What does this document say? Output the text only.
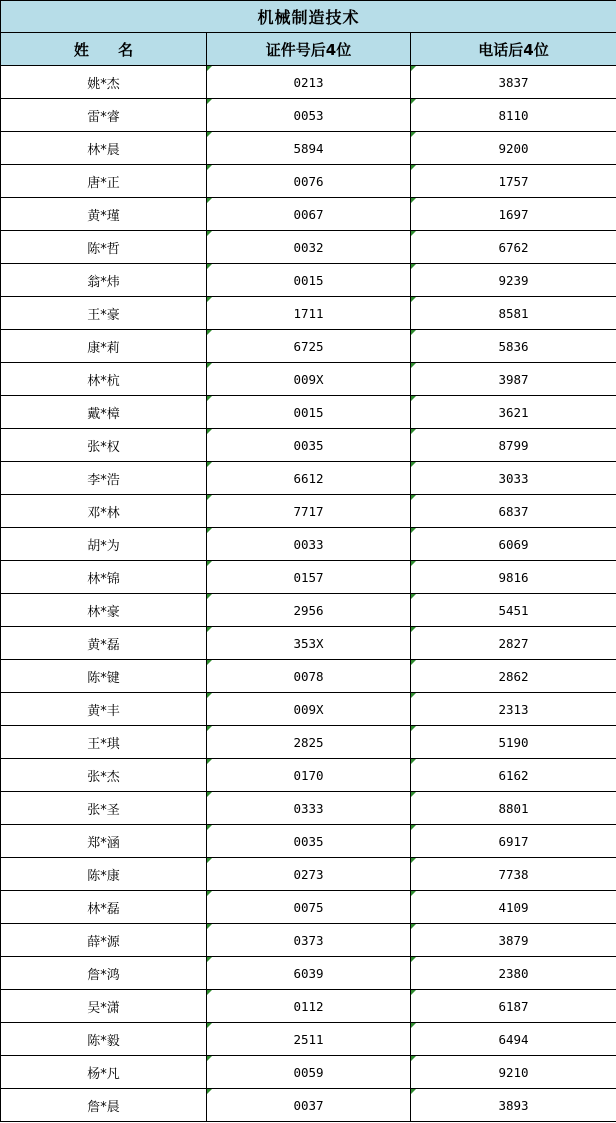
机械制造技术		
姓 名	证件号后4位	电话后4位
姚*杰	0213	3837
雷*睿	0053	8110
林*晨	5894	9200
唐*正	0076	1757
黄*瑾	0067	1697
陈*哲	0032	6762
翁*炜	0015	9239
王*豪	1711	8581
康*莉	6725	5836
林*杭	009X	3987
戴*樟	0015	3621
张*权	0035	8799
李*浩	6612	3033
邓*林	7717	6837
胡*为	0033	6069
林*锦	0157	9816
林*豪	2956	5451
黄*磊	353X	2827
陈*键	0078	2862
黄*丰	009X	2313
王*琪	2825	5190
张*杰	0170	6162
张*圣	0333	8801
郑*涵	0035	6917
陈*康	0273	7738
林*磊	0075	4109
薛*源	0373	3879
詹*鸿	6039	2380
吴*潇	0112	6187
陈*毅	2511	6494
杨*凡	0059	9210
詹*晨	0037	3893
